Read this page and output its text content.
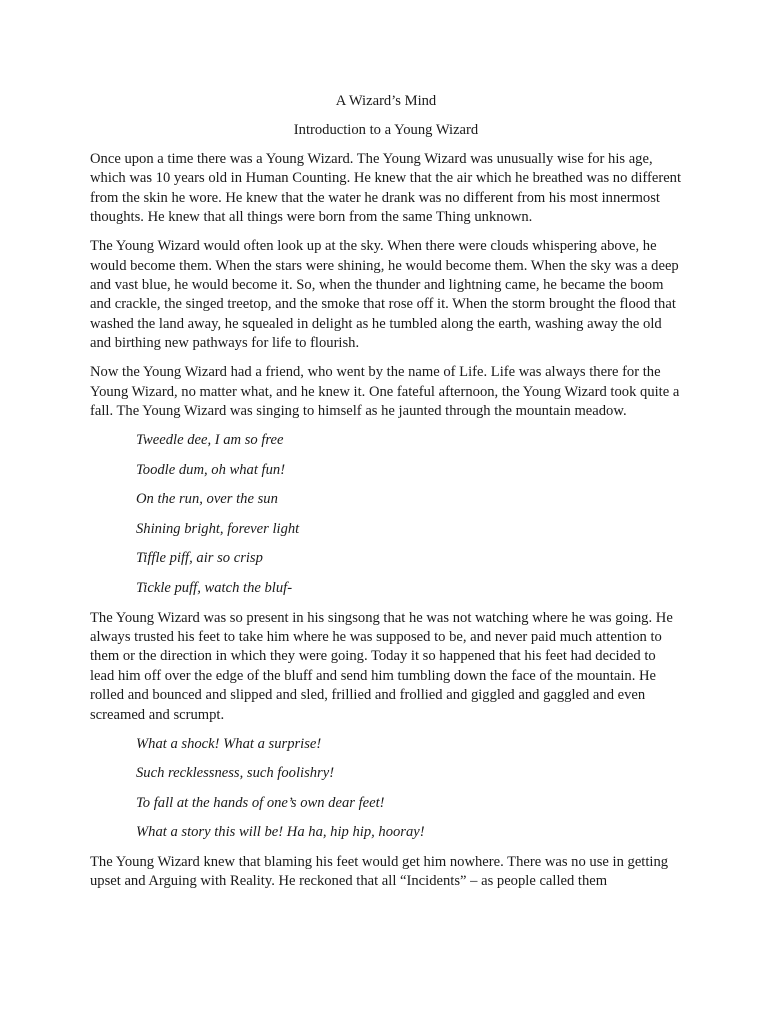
A Wizard’s Mind

Introduction to a Young Wizard

Once upon a time there was a Young Wizard. The Young Wizard was unusually wise for his age, which was 10 years old in Human Counting. He knew that the air which he breathed was no different from the skin he wore. He knew that the water he drank was no different from his most innermost thoughts. He knew that all things were born from the same Thing unknown.

The Young Wizard would often look up at the sky. When there were clouds whispering above, he would become them. When the stars were shining, he would become them. When the sky was a deep and vast blue, he would become it. So, when the thunder and lightning came, he became the boom and crackle, the singed treetop, and the smoke that rose off it. When the storm brought the flood that washed the land away, he squealed in delight as he tumbled along the earth, washing away the old and birthing new pathways for life to flourish.

Now the Young Wizard had a friend, who went by the name of Life. Life was always there for the Young Wizard, no matter what, and he knew it. One fateful afternoon, the Young Wizard took quite a fall. The Young Wizard was singing to himself as he jaunted through the mountain meadow.

Tweedle dee, I am so free

Toodle dum, oh what fun!

On the run, over the sun

Shining bright, forever light

Tiffle piff, air so crisp

Tickle puff, watch the bluf-

The Young Wizard was so present in his singsong that he was not watching where he was going. He always trusted his feet to take him where he was supposed to be, and never paid much attention to them or the direction in which they were going. Today it so happened that his feet had decided to lead him off over the edge of the bluff and send him tumbling down the face of the mountain. He rolled and bounced and slipped and sled, frillied and frollied and giggled and gaggled and even screamed and scrumpt.

What a shock! What a surprise!

Such recklessness, such foolishry!

To fall at the hands of one’s own dear feet!

What a story this will be! Ha ha, hip hip, hooray!

The Young Wizard knew that blaming his feet would get him nowhere. There was no use in getting upset and Arguing with Reality. He reckoned that all “Incidents” – as people called them
